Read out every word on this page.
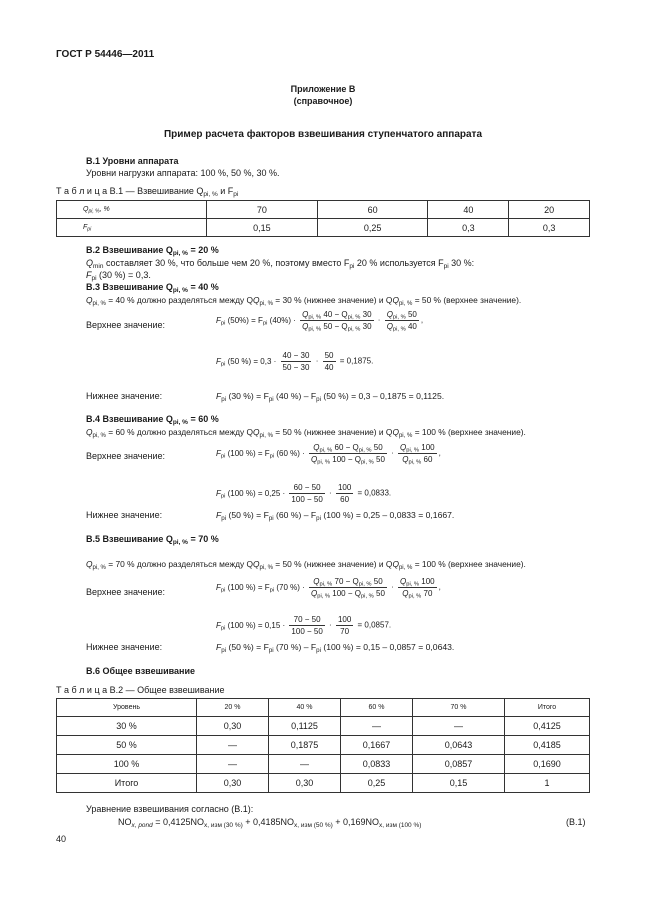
ГОСТ Р 54446—2011
Приложение В
(справочное)
Пример расчета факторов взвешивания ступенчатого аппарата
В.1 Уровни аппарата
Уровни нагрузки аппарата: 100 %, 50 %, 30 %.
Т а б л и ц а В.1 — Взвешивание $Q_{pi, \%}$ и $F_{pi}$
$Q_{pi, \%}$, %	70	60	40	20
$F_{pi}$	0,15	0,25	0,3	0,3
В.2 Взвешивание $Q_{pi, \%} = 20$ %
$Q_{min}$ составляет 30 %, что больше чем 20 %, поэтому вместо $F_{pi}$ 20 % используется $F_{pi}$ 30 %:
$F_{pi}$ (30 %) = 0,3.
В.3 Взвешивание $Q_{pi, \%} = 40$ %
$Q_{pi, \%} = 40$ % должно разделяться между $QQ_{pi, \%} = 30$ % (нижнее значение) и $QQ_{pi, \%} = 50$ % (верхнее значение).
Верхнее значение:	$F_{pi}$ $(50\%) = F_{pi}$ $(40\%) \cdot \frac{Q_{pi, \%} 40 - Q_{pi, \%} 30}{Q_{pi, \%} 50 - Q_{pi, \%} 30} \cdot \frac{Q_{pi, \%} 50}{Q_{pi, \%} 40}$ ,
$F_{pi}$ (50 %) = $0,3 \cdot \frac{40 - 30}{50 - 30} \cdot \frac{50}{40} = 0,1875$.
Нижнее значение:	$F_{pi}$ (30 %) = $F_{pi}$ (40 %) – $F_{pi}$ (50 %) = 0,3 – 0,1875 = 0,1125.
В.4 Взвешивание $Q_{pi, \%} = 60$ %
$Q_{pi, \%} = 60$ % должно разделяться между $QQ_{pi, \%} = 50$ % (нижнее значение) и $QQ_{pi, \%} = 100$ % (верхнее значение).
Верхнее значение:	$F_{pi}$ (100 %) = $F_{pi}$ (60 %) · $\frac{Q_{pi, \%} 60 - Q_{pi, \%} 50}{Q_{pi, \%} 100 - Q_{pi, \%} 50} \cdot \frac{Q_{pi, \%} 100}{Q_{pi, \%} 60}$ ,
$F_{pi}$ (100 %) = $0,25 \cdot \frac{60 - 50}{100 - 50} \cdot \frac{100}{60} = 0,0833$.
Нижнее значение:	$F_{pi}$ (50 %) = $F_{pi}$ (60 %) – $F_{pi}$ (100 %) = 0,25 – 0,0833 = 0,1667.
В.5 Взвешивание $Q_{pi, \%} = 70$ %
$Q_{pi, \%} = 70$ % должно разделяться между $QQ_{pi, \%} = 50$ % (нижнее значение) и $QQ_{pi, \%} = 100$ % (верхнее значение).
Верхнее значение:	$F_{pi}$ (100 %) = $F_{pi}$ (70 %) · $\frac{Q_{pi, \%} 70 - Q_{pi, \%} 50}{Q_{pi, \%} 100 - Q_{pi, \%} 50} \cdot \frac{Q_{pi, \%} 100}{Q_{pi, \%} 70}$ ,
$F_{pi}$ (100 %) = $0,15 \cdot \frac{70 - 50}{100 - 50} \cdot \frac{100}{70} = 0,0857$.
Нижнее значение:	$F_{pi}$ (50 %) = $F_{pi}$ (70 %) – $F_{pi}$ (100 %) = 0,15 – 0,0857 = 0,0643.
В.6 Общее взвешивание
Т а б л и ц а В.2 — Общее взвешивание
Уровень	20 %	40 %	60 %	70 %	Итого
30 %	0,30	0,1125	—	—	0,4125
50 %	—	0,1875	0,1667	0,0643	0,4185
100 %	—	—	0,0833	0,0857	0,1690
Итого	0,30	0,30	0,25	0,15	1
Уравнение взвешивания согласно (В.1):
$NO_{x, pond} = 0,4125NO_{x, изм (30 \%)} + 0,4185NO_{x, изм (50 \%)} + 0,169NO_{x, изм (100 \%)}$	(В.1)
40
